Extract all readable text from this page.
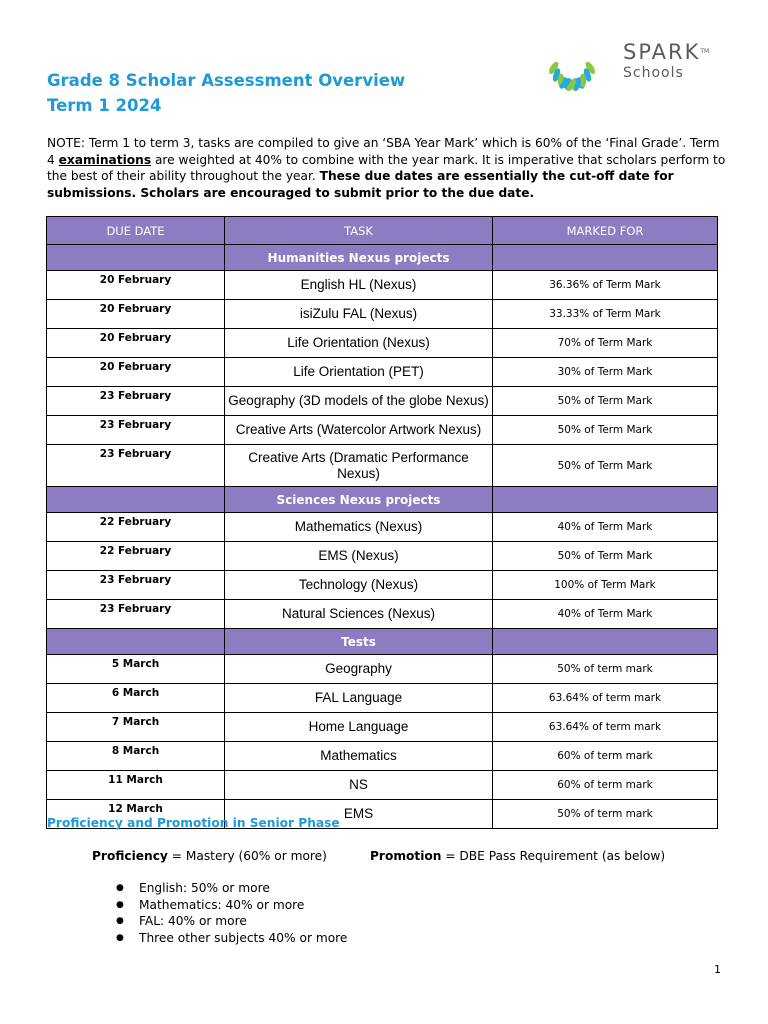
Grade 8 Scholar Assessment Overview
Term 1 2024
SPARK™
Schools
NOTE: Term 1 to term 3, tasks are compiled to give an ‘SBA Year Mark’ which is 60% of the ‘Final Grade’. Term 4 examinations are weighted at 40% to combine with the year mark. It is imperative that scholars perform to the best of their ability throughout the year. These due dates are essentially the cut-off date for submissions. Scholars are encouraged to submit prior to the due date.
DUE DATE	TASK	MARKED FOR
	Humanities Nexus projects	
20 February	English HL (Nexus)	36.36% of Term Mark
20 February	isiZulu FAL (Nexus)	33.33% of Term Mark
20 February	Life Orientation (Nexus)	70% of Term Mark
20 February	Life Orientation (PET)	30% of Term Mark
23 February	Geography (3D models of the globe Nexus)	50% of Term Mark
23 February	Creative Arts (Watercolor Artwork Nexus)	50% of Term Mark
23 February	Creative Arts (Dramatic Performance Nexus)	50% of Term Mark
	Sciences Nexus projects	
22 February	Mathematics (Nexus)	40% of Term Mark
22 February	EMS (Nexus)	50% of Term Mark
23 February	Technology (Nexus)	100% of Term Mark
23 February	Natural Sciences (Nexus)	40% of Term Mark
	Tests	
5 March	Geography	50% of term mark
6 March	FAL Language	63.64% of term mark
7 March	Home Language	63.64% of term mark
8 March	Mathematics	60% of term mark
11 March	NS	60% of term mark
12 March	EMS	50% of term mark
Proficiency and Promotion in Senior Phase
Proficiency = Mastery (60% or more)	Promotion = DBE Pass Requirement (as below)
● English: 50% or more
● Mathematics: 40% or more
● FAL: 40% or more
● Three other subjects 40% or more
1
